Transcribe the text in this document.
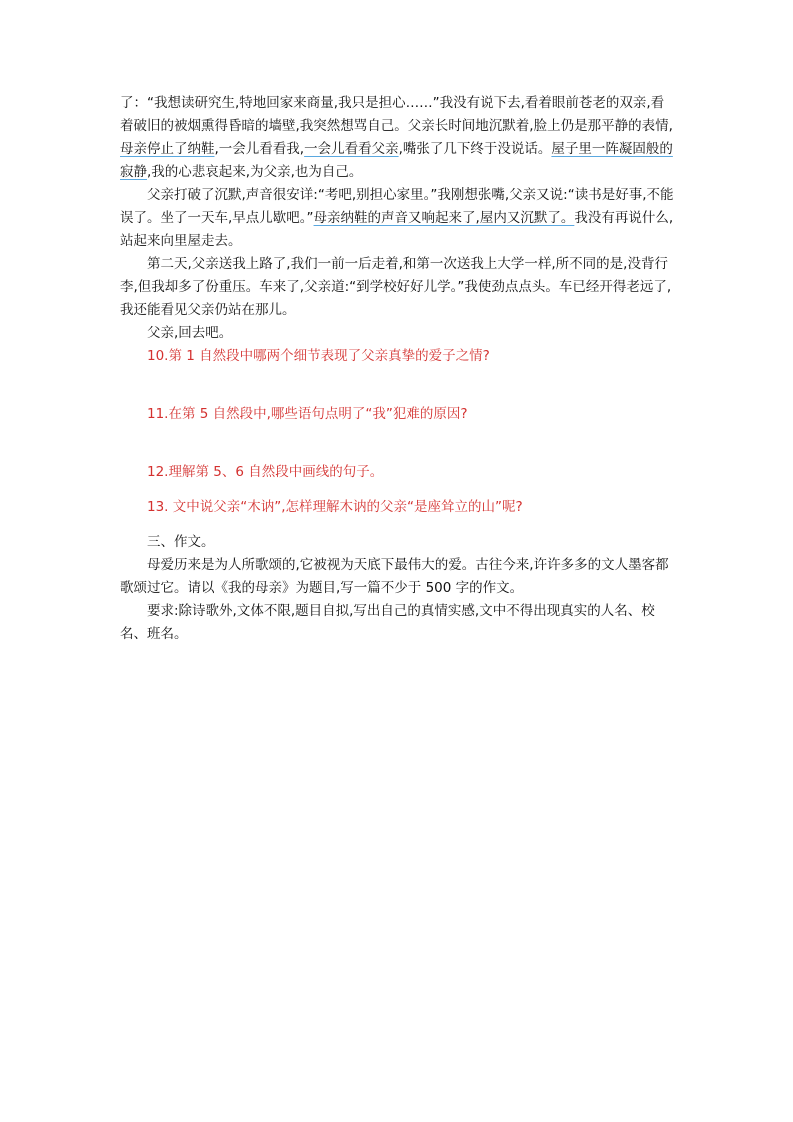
了：“我想读研究生,特地回家来商量,我只是担心……”我没有说下去,看着眼前苍老的双亲,看着破旧的被烟熏得昏暗的墙壁,我突然想骂自己。父亲长时间地沉默着,脸上仍是那平静的表情,母亲停止了纳鞋,一会儿看看我,一会儿看看父亲,嘴张了几下终于没说话。屋子里一阵凝固般的寂静,我的心悲哀起来,为父亲,也为自己。

父亲打破了沉默,声音很安详:“考吧,别担心家里。”我刚想张嘴,父亲又说:“读书是好事,不能误了。坐了一天车,早点儿歇吧。”母亲纳鞋的声音又响起来了,屋内又沉默了。我没有再说什么,站起来向里屋走去。

第二天,父亲送我上路了,我们一前一后走着,和第一次送我上大学一样,所不同的是,没背行李,但我却多了份重压。车来了,父亲道:“到学校好好儿学。”我使劲点点头。车已经开得老远了,我还能看见父亲仍站在那儿。

父亲,回去吧。

10.第 1 自然段中哪两个细节表现了父亲真挚的爱子之情?

11.在第 5 自然段中,哪些语句点明了“我”犯难的原因?

12.理解第 5、6 自然段中画线的句子。

13. 文中说父亲“木讷”,怎样理解木讷的父亲“是座耸立的山”呢?

三、作文。

母爱历来是为人所歌颂的,它被视为天底下最伟大的爱。古往今来,许许多多的文人墨客都歌颂过它。请以《我的母亲》为题目,写一篇不少于 500 字的作文。

要求:除诗歌外,文体不限,题目自拟,写出自己的真情实感,文中不得出现真实的人名、校名、班名。
